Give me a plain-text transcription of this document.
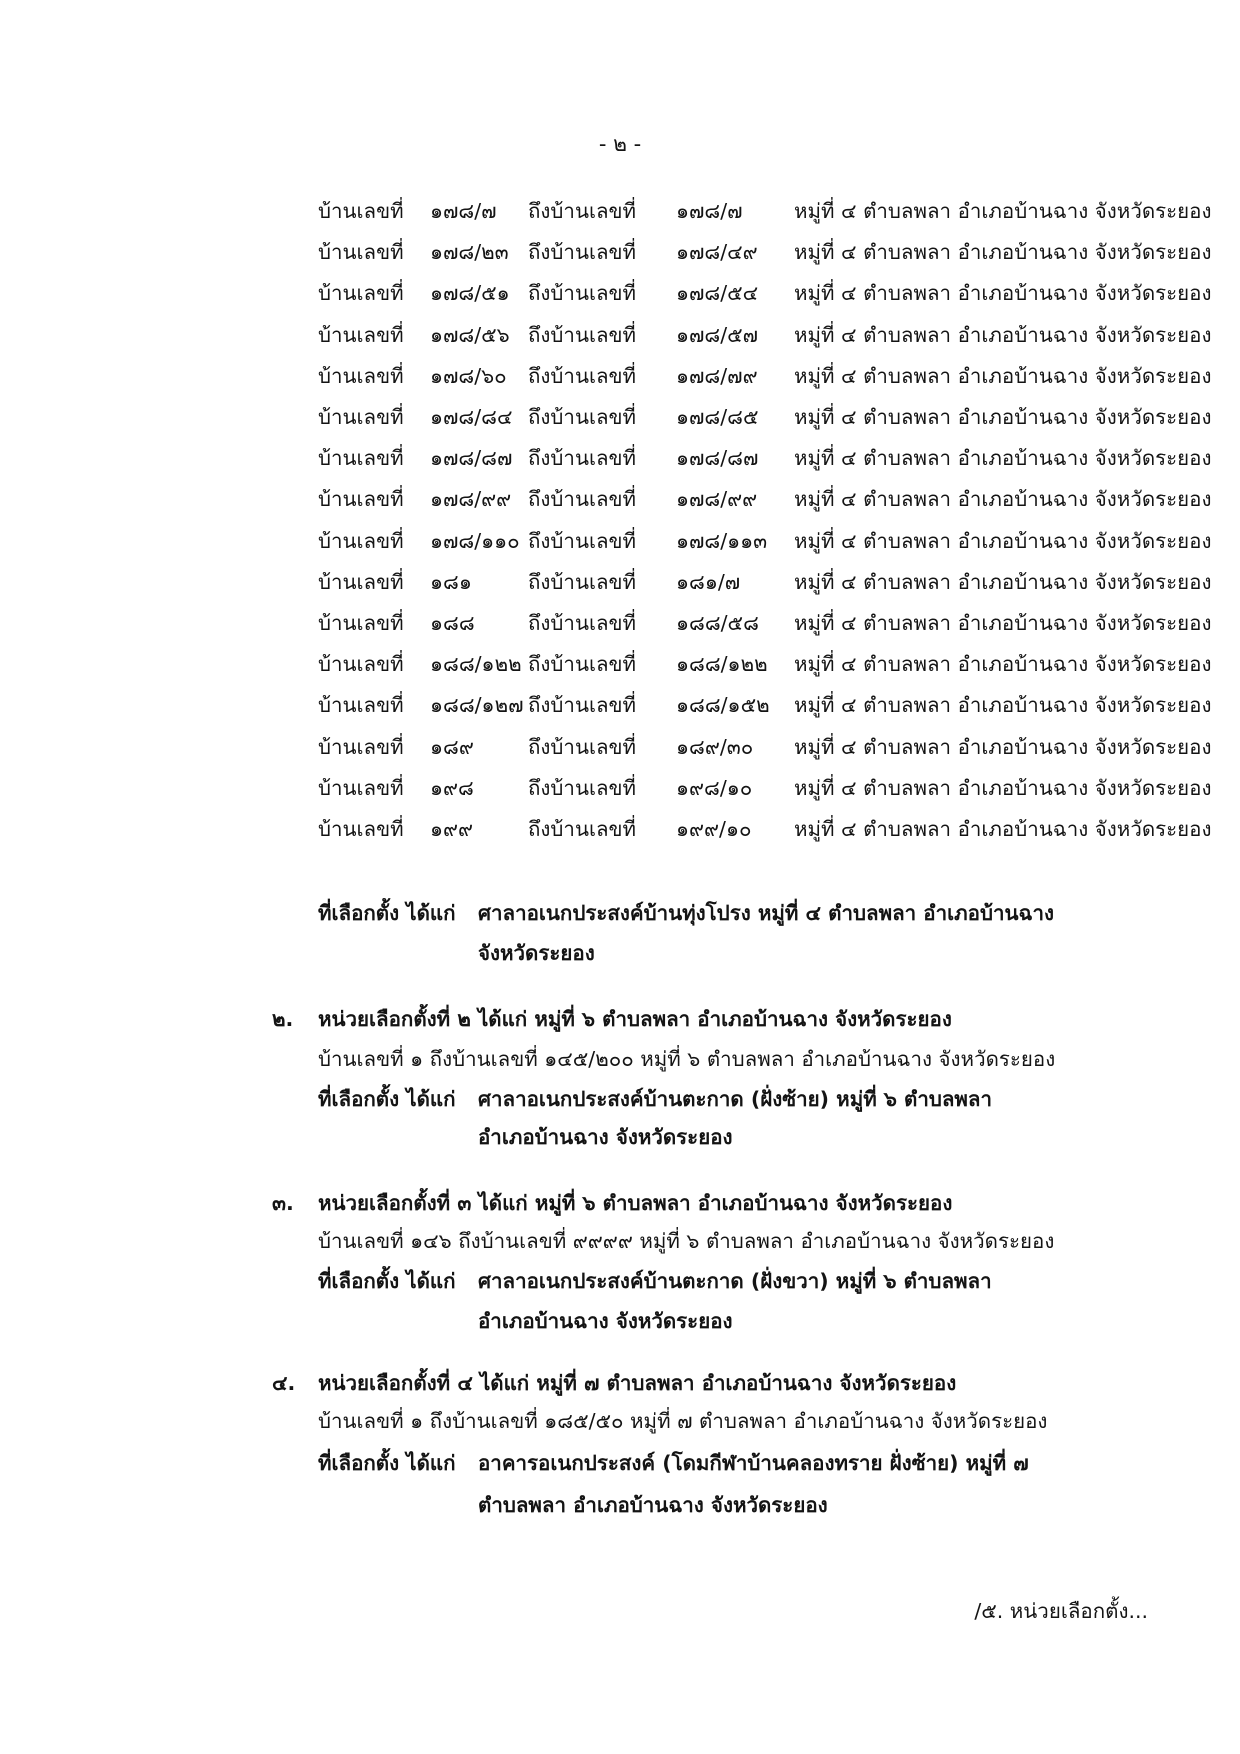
- ๒ -
บ้านเลขที่ ๑๗๘/๗ ถึงบ้านเลขที่ ๑๗๘/๗	หมู่ที่ ๔ ตำบลพลา อำเภอบ้านฉาง จังหวัดระยอง
บ้านเลขที่ ๑๗๘/๒๓ ถึงบ้านเลขที่ ๑๗๘/๔๙ หมู่ที่ ๔ ตำบลพลา อำเภอบ้านฉาง จังหวัดระยอง
บ้านเลขที่ ๑๗๘/๕๑ ถึงบ้านเลขที่ ๑๗๘/๕๔ หมู่ที่ ๔ ตำบลพลา อำเภอบ้านฉาง จังหวัดระยอง
บ้านเลขที่ ๑๗๘/๕๖ ถึงบ้านเลขที่ ๑๗๘/๕๗ หมู่ที่ ๔ ตำบลพลา อำเภอบ้านฉาง จังหวัดระยอง
บ้านเลขที่ ๑๗๘/๖๐ ถึงบ้านเลขที่ ๑๗๘/๗๙ หมู่ที่ ๔ ตำบลพลา อำเภอบ้านฉาง จังหวัดระยอง
บ้านเลขที่ ๑๗๘/๘๔ ถึงบ้านเลขที่ ๑๗๘/๘๕ หมู่ที่ ๔ ตำบลพลา อำเภอบ้านฉาง จังหวัดระยอง
บ้านเลขที่ ๑๗๘/๘๗ ถึงบ้านเลขที่ ๑๗๘/๘๗ หมู่ที่ ๔ ตำบลพลา อำเภอบ้านฉาง จังหวัดระยอง
บ้านเลขที่ ๑๗๘/๙๙ ถึงบ้านเลขที่ ๑๗๘/๙๙ หมู่ที่ ๔ ตำบลพลา อำเภอบ้านฉาง จังหวัดระยอง
บ้านเลขที่ ๑๗๘/๑๑๐ ถึงบ้านเลขที่ ๑๗๘/๑๑๓ หมู่ที่ ๔ ตำบลพลา อำเภอบ้านฉาง จังหวัดระยอง
บ้านเลขที่ ๑๘๑	ถึงบ้านเลขที่ ๑๘๑/๗	หมู่ที่ ๔ ตำบลพลา อำเภอบ้านฉาง จังหวัดระยอง
บ้านเลขที่ ๑๘๘	ถึงบ้านเลขที่ ๑๘๘/๕๘ หมู่ที่ ๔ ตำบลพลา อำเภอบ้านฉาง จังหวัดระยอง
บ้านเลขที่ ๑๘๘/๑๒๒ ถึงบ้านเลขที่ ๑๘๘/๑๒๒ หมู่ที่ ๔ ตำบลพลา อำเภอบ้านฉาง จังหวัดระยอง
บ้านเลขที่ ๑๘๘/๑๒๗ ถึงบ้านเลขที่ ๑๘๘/๑๕๒ หมู่ที่ ๔ ตำบลพลา อำเภอบ้านฉาง จังหวัดระยอง
บ้านเลขที่ ๑๘๙	ถึงบ้านเลขที่ ๑๘๙/๓๐ หมู่ที่ ๔ ตำบลพลา อำเภอบ้านฉาง จังหวัดระยอง
บ้านเลขที่ ๑๙๘	ถึงบ้านเลขที่ ๑๙๘/๑๐ หมู่ที่ ๔ ตำบลพลา อำเภอบ้านฉาง จังหวัดระยอง
บ้านเลขที่ ๑๙๙	ถึงบ้านเลขที่ ๑๙๙/๑๐ หมู่ที่ ๔ ตำบลพลา อำเภอบ้านฉาง จังหวัดระยอง
ที่เลือกตั้ง ได้แก่ ศาลาอเนกประสงค์บ้านทุ่งโปรง หมู่ที่ ๔ ตำบลพลา อำเภอบ้านฉาง
จังหวัดระยอง
๒. หน่วยเลือกตั้งที่ ๒ ได้แก่ หมู่ที่ ๖ ตำบลพลา อำเภอบ้านฉาง จังหวัดระยอง
บ้านเลขที่ ๑ ถึงบ้านเลขที่ ๑๔๕/๒๐๐ หมู่ที่ ๖ ตำบลพลา อำเภอบ้านฉาง จังหวัดระยอง
ที่เลือกตั้ง ได้แก่ ศาลาอเนกประสงค์บ้านตะกาด (ฝั่งซ้าย) หมู่ที่ ๖ ตำบลพลา
อำเภอบ้านฉาง จังหวัดระยอง
๓. หน่วยเลือกตั้งที่ ๓ ได้แก่ หมู่ที่ ๖ ตำบลพลา อำเภอบ้านฉาง จังหวัดระยอง
บ้านเลขที่ ๑๔๖ ถึงบ้านเลขที่ ๙๙๙๙ หมู่ที่ ๖ ตำบลพลา อำเภอบ้านฉาง จังหวัดระยอง
ที่เลือกตั้ง ได้แก่ ศาลาอเนกประสงค์บ้านตะกาด (ฝั่งขวา) หมู่ที่ ๖ ตำบลพลา
อำเภอบ้านฉาง จังหวัดระยอง
๔. หน่วยเลือกตั้งที่ ๔ ได้แก่ หมู่ที่ ๗ ตำบลพลา อำเภอบ้านฉาง จังหวัดระยอง
บ้านเลขที่ ๑ ถึงบ้านเลขที่ ๑๘๕/๕๐ หมู่ที่ ๗ ตำบลพลา อำเภอบ้านฉาง จังหวัดระยอง
ที่เลือกตั้ง ได้แก่ อาคารอเนกประสงค์ (โดมกีฬาบ้านคลองทราย ฝั่งซ้าย) หมู่ที่ ๗
ตำบลพลา อำเภอบ้านฉาง จังหวัดระยอง
/๕. หน่วยเลือกตั้ง...
